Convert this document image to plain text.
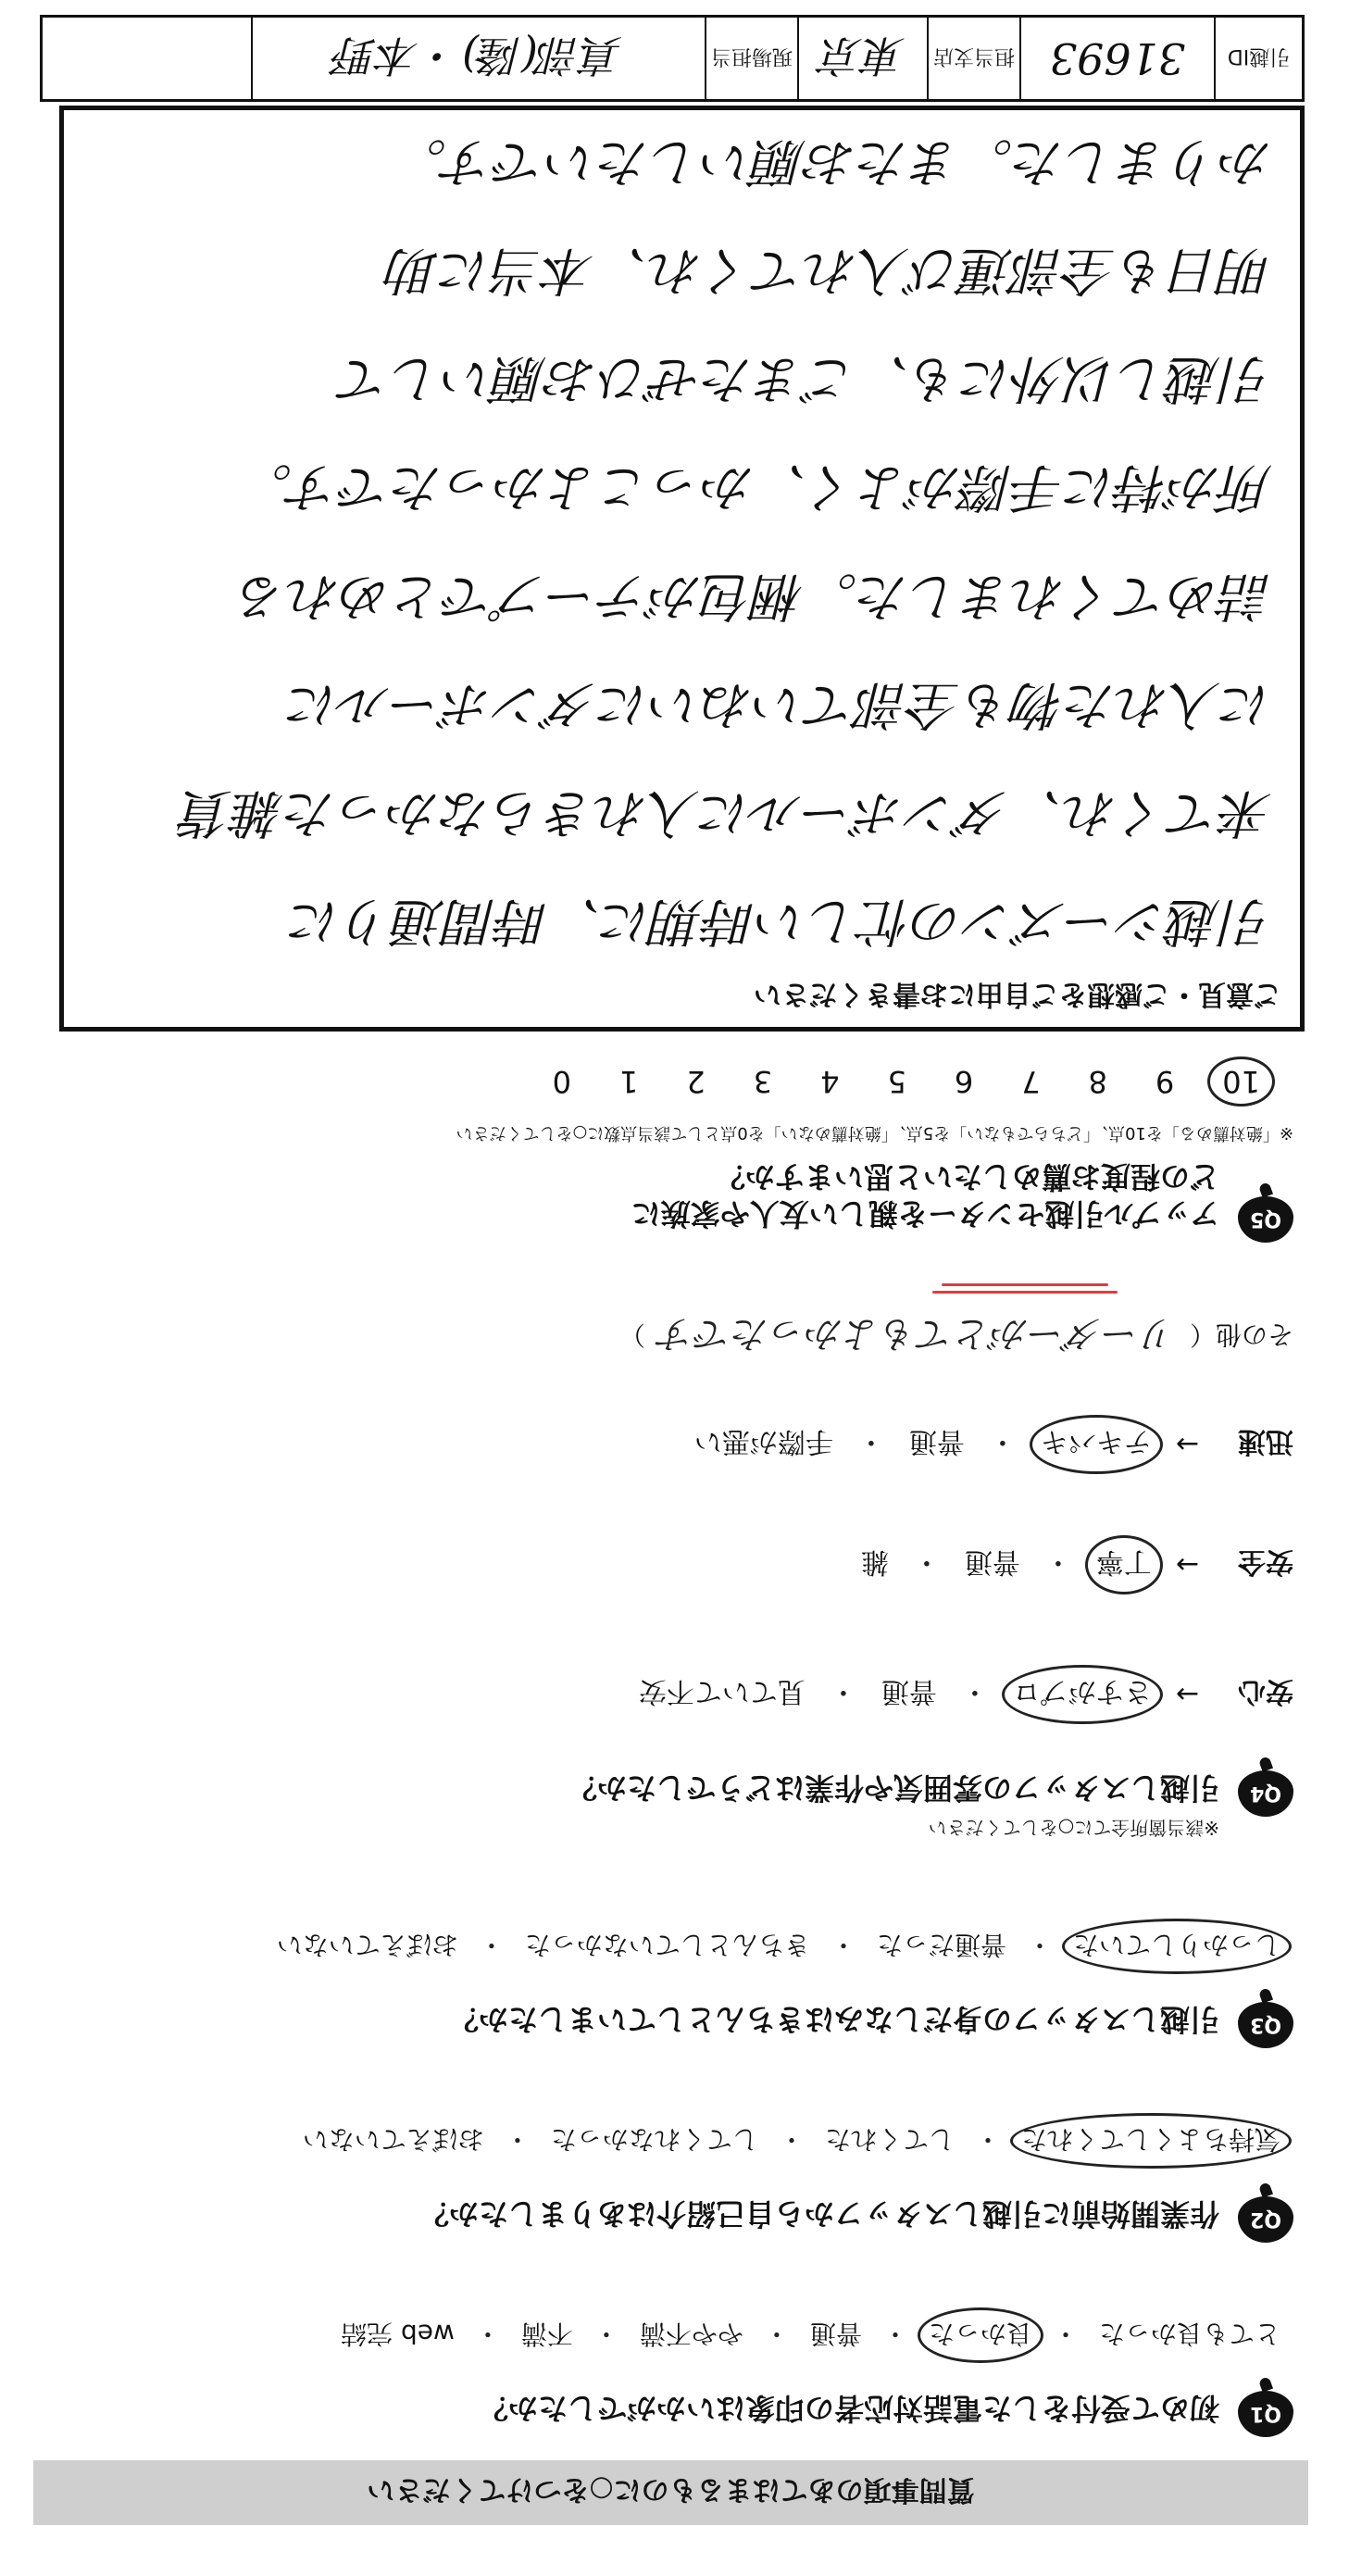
質問事項のあてはまるものに○をつけてください
Q1
初めて受付をした電話対応者の印象はいかがでしたか？
とても良かった
・
良かった
・
普通
・
やや不満
・
不満
・
web 完結
Q2
作業開始前に引越しスタッフから自己紹介はありましたか？
気持ちよくしてくれた
・
してくれた
・
してくれなかった
・
おぼえていない
Q3
引越しスタッフの身だしなみはきちんとしていましたか？
しっかりしていた
・
普通だった
・
きちんとしていなかった
・
おぼえていない
Q4
引越しスタッフの雰囲気や作業はどうでしたか？
※該当箇所全てに○をしてください
安心
→
さすがプロ
・
普通
・
見ていて不安
安全
→
丁寧
・
普通
・
雑
迅速
→
テキパキ
・
普通
・
手際が悪い
その他（
リーダーがとてもよかったです
）
Q5
アップル引越センターを親しい友人や家族に
どの程度お薦めしたいと思いますか？
※「絶対薦める」を10点、「どちらでもない」を5点、「絶対薦めない」を0点として該当点数に○をしてください
10
9
8
7
6
5
4
3
2
1
0
ご意見・ご感想をご自由にお書きください
引越シーズンの忙しい時期に、時間通りに
来てくれ、ダンボールに入れきらなかった雑貨
に入れた物も全部ていねいにダンボールに
詰めてくれました。梱包がテープでとめれる
所が特に手際がよく、かっこよかったです。
引越し以外にも、ごまたぜひお願いして
明日も全部運び入れてくれ、本当に助
かりました。またお願いしたいです。
引越ID
31693
担当支店
東京
現場担当
真部(隆)・本野
